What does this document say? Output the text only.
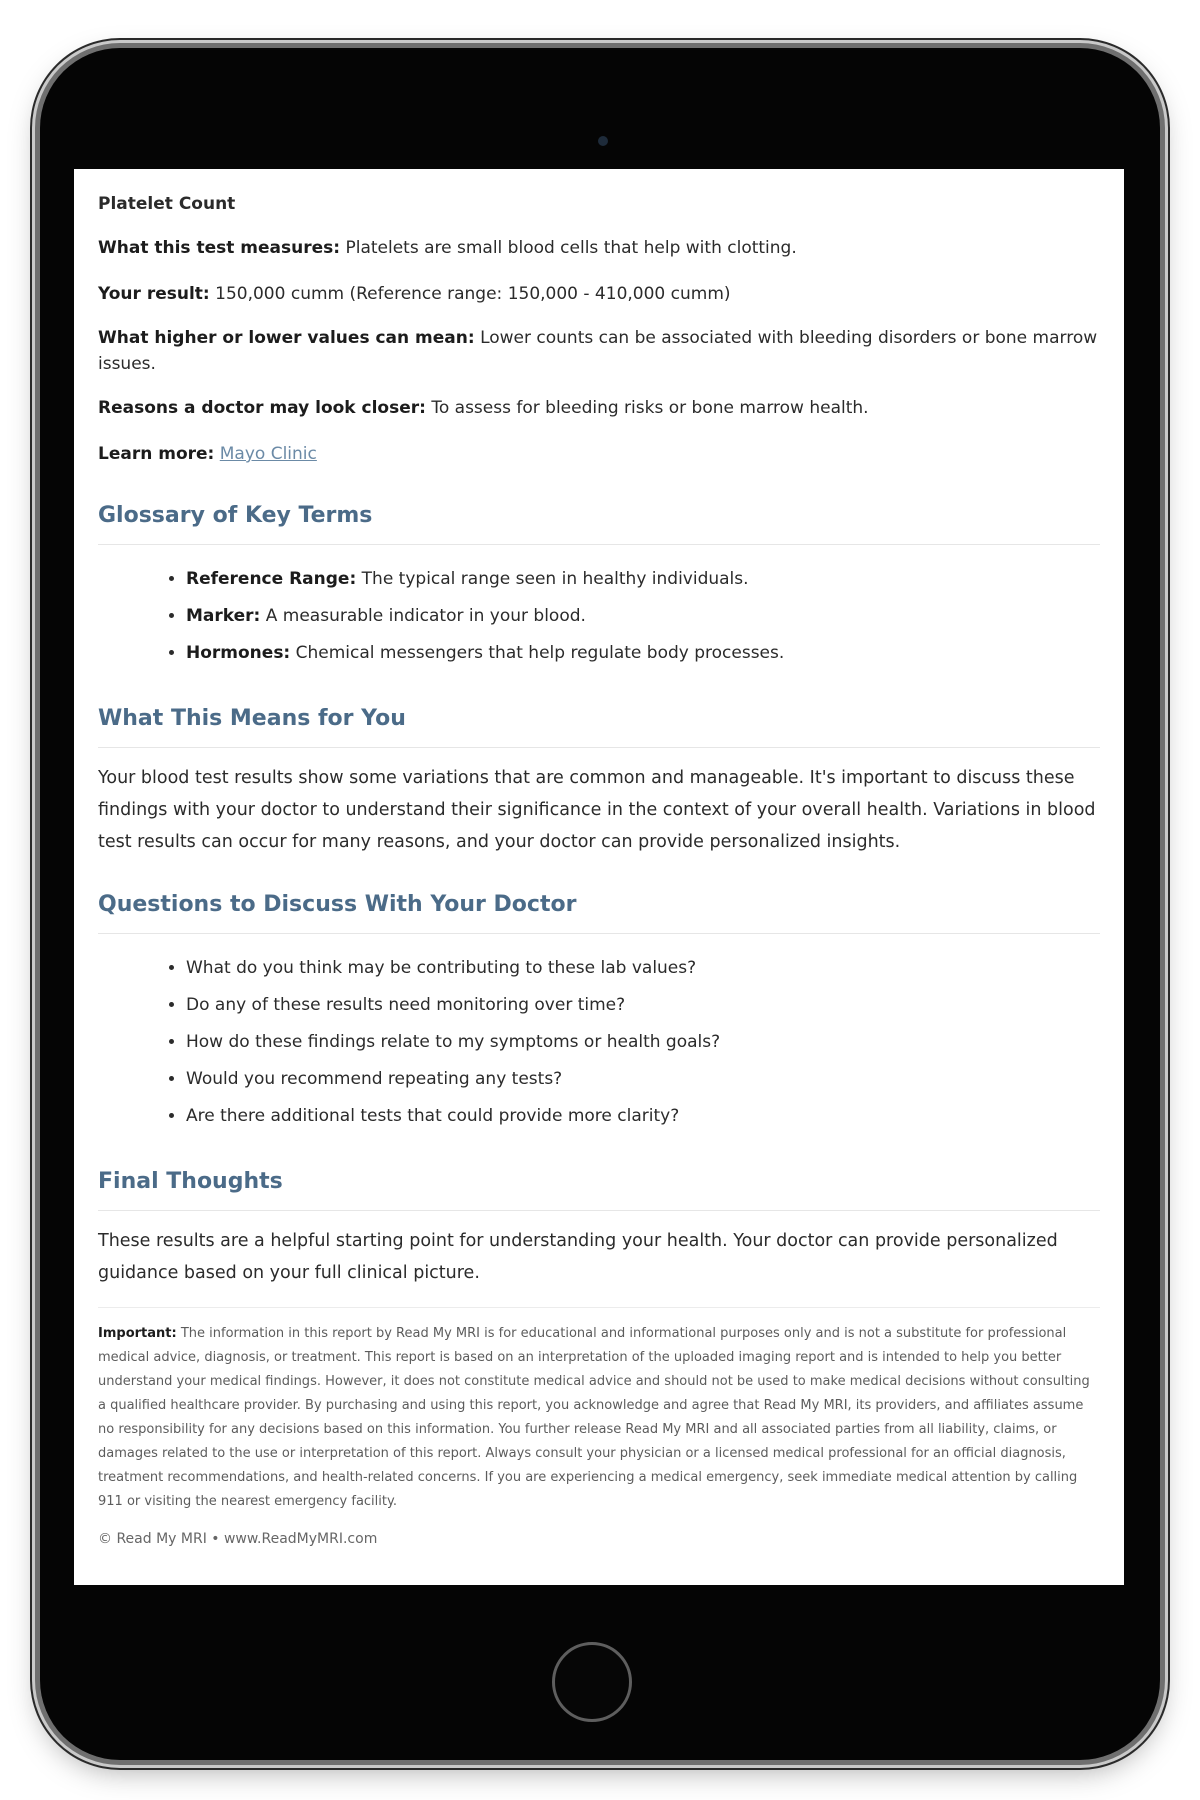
Platelet Count

What this test measures: Platelets are small blood cells that help with clotting.

Your result: 150,000 cumm (Reference range: 150,000 - 410,000 cumm)

What higher or lower values can mean: Lower counts can be associated with bleeding disorders or bone marrow issues.

Reasons a doctor may look closer: To assess for bleeding risks or bone marrow health.

Learn more: Mayo Clinic

Glossary of Key Terms
• Reference Range: The typical range seen in healthy individuals.
• Marker: A measurable indicator in your blood.
• Hormones: Chemical messengers that help regulate body processes.
What This Means for You

Your blood test results show some variations that are common and manageable. It's important to discuss these findings with your doctor to understand their significance in the context of your overall health. Variations in blood test results can occur for many reasons, and your doctor can provide personalized insights.

Questions to Discuss With Your Doctor
• What do you think may be contributing to these lab values?
• Do any of these results need monitoring over time?
• How do these findings relate to my symptoms or health goals?
• Would you recommend repeating any tests?
• Are there additional tests that could provide more clarity?
Final Thoughts

These results are a helpful starting point for understanding your health. Your doctor can provide personalized guidance based on your full clinical picture.

Important: The information in this report by Read My MRI is for educational and informational purposes only and is not a substitute for professional medical advice, diagnosis, or treatment. This report is based on an interpretation of the uploaded imaging report and is intended to help you better understand your medical findings. However, it does not constitute medical advice and should not be used to make medical decisions without consulting a qualified healthcare provider. By purchasing and using this report, you acknowledge and agree that Read My MRI, its providers, and affiliates assume no responsibility for any decisions based on this information. You further release Read My MRI and all associated parties from all liability, claims, or damages related to the use or interpretation of this report. Always consult your physician or a licensed medical professional for an official diagnosis, treatment recommendations, and health-related concerns. If you are experiencing a medical emergency, seek immediate medical attention by calling 911 or visiting the nearest emergency facility.

© Read My MRI • www.ReadMyMRI.com
